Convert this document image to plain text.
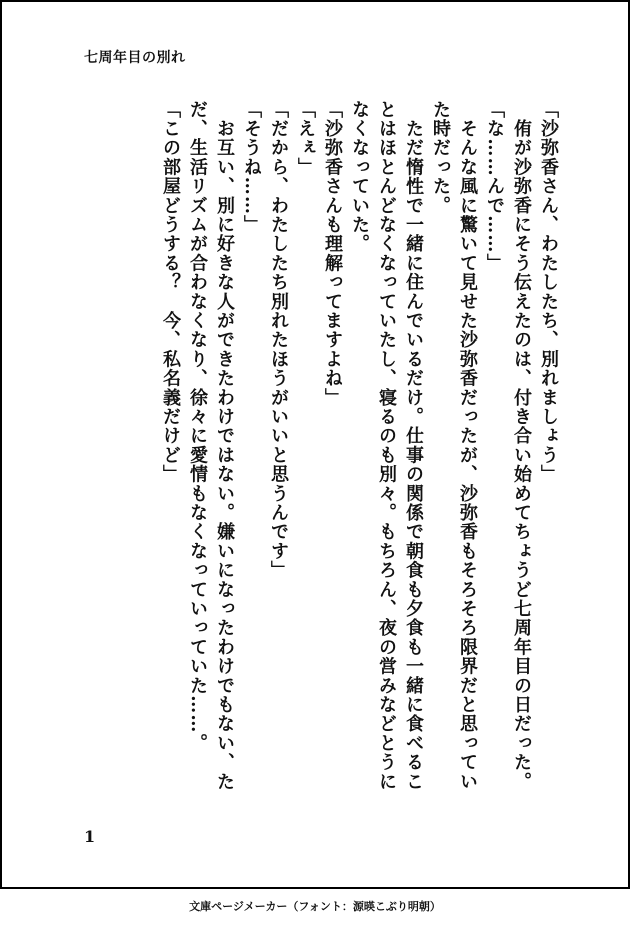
七周年目の別れ
「沙弥香さん、わたしたち、別れましょう」
　侑が沙弥香にそう伝えたのは、付き合い始めてちょうど七周年目の日だった。
「な……んで……」
　そんな風に驚いて見せた沙弥香だったが、沙弥香もそろそろ限界だと思ってい
た時だった。
　ただ惰性で一緒に住んでいるだけ。仕事の関係で朝食も夕食も一緒に食べるこ
とはほとんどなくなっていたし、寝るのも別々。もちろん、夜の営みなどとうに
なくなっていた。
「沙弥香さんも理解ってますよね」
「えぇ」
「だから、わたしたち別れたほうがいいと思うんです」
「そうね……」
　お互い、別に好きな人ができたわけではない。嫌いになったわけでもない、た
だ、生活リズムが合わなくなり、徐々に愛情もなくなっていっていた……。
「この部屋どうする？　今、私名義だけど」
1
文庫ページメーカー（フォント：源暎こぶり明朝）
